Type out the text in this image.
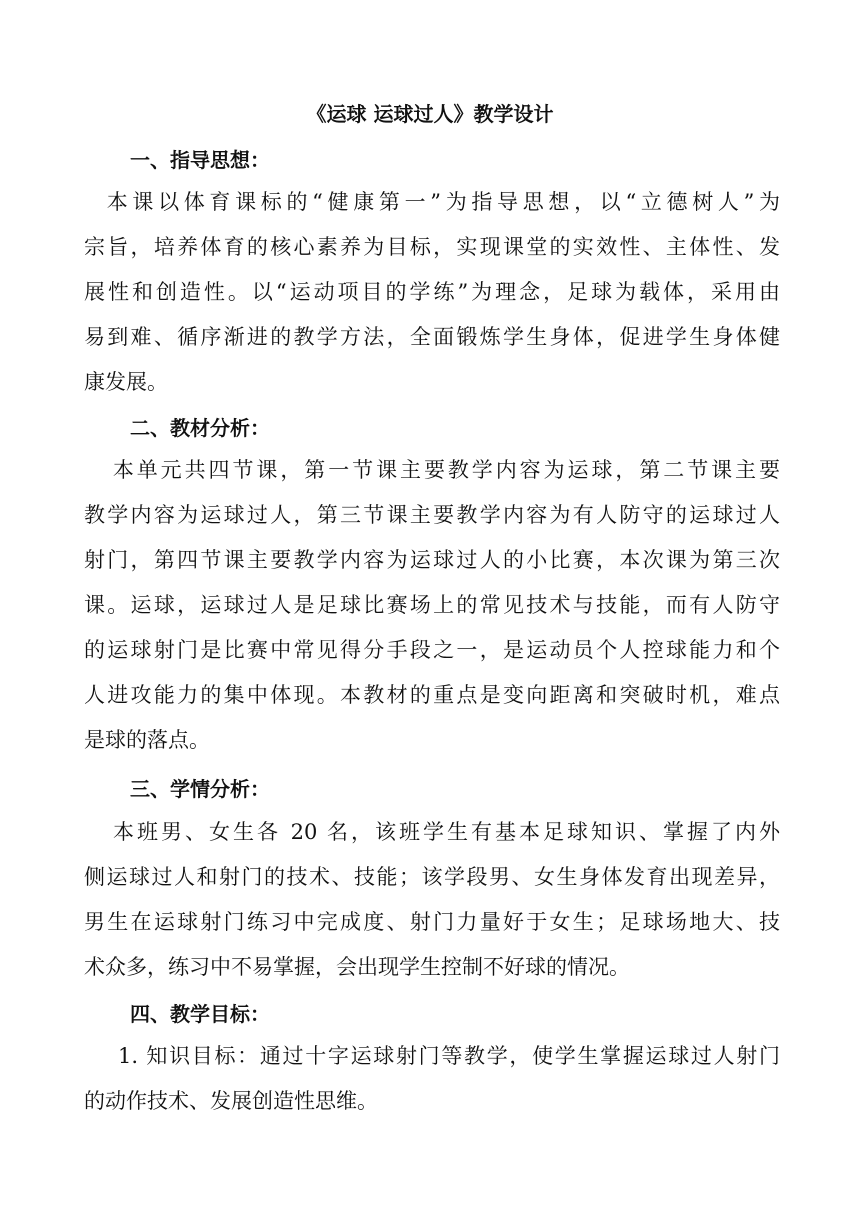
《运球 运球过人》教学设计
一、指导思想：
本课以体育课标的“健康第一”为指导思想，以“立德树人”为
宗旨，培养体育的核心素养为目标，实现课堂的实效性、主体性、发
展性和创造性。以“运动项目的学练”为理念，足球为载体，采用由
易到难、循序渐进的教学方法，全面锻炼学生身体，促进学生身体健
康发展。
二、教材分析：
本单元共四节课，第一节课主要教学内容为运球，第二节课主要
教学内容为运球过人，第三节课主要教学内容为有人防守的运球过人
射门，第四节课主要教学内容为运球过人的小比赛，本次课为第三次
课。运球，运球过人是足球比赛场上的常见技术与技能，而有人防守
的运球射门是比赛中常见得分手段之一，是运动员个人控球能力和个
人进攻能力的集中体现。本教材的重点是变向距离和突破时机，难点
是球的落点。
三、学情分析：
本班男、女生各 20 名，该班学生有基本足球知识、掌握了内外
侧运球过人和射门的技术、技能；该学段男、女生身体发育出现差异，
男生在运球射门练习中完成度、射门力量好于女生；足球场地大、技
术众多，练习中不易掌握，会出现学生控制不好球的情况。
四、教学目标：
1. 知识目标：通过十字运球射门等教学，使学生掌握运球过人射门
的动作技术、发展创造性思维。
